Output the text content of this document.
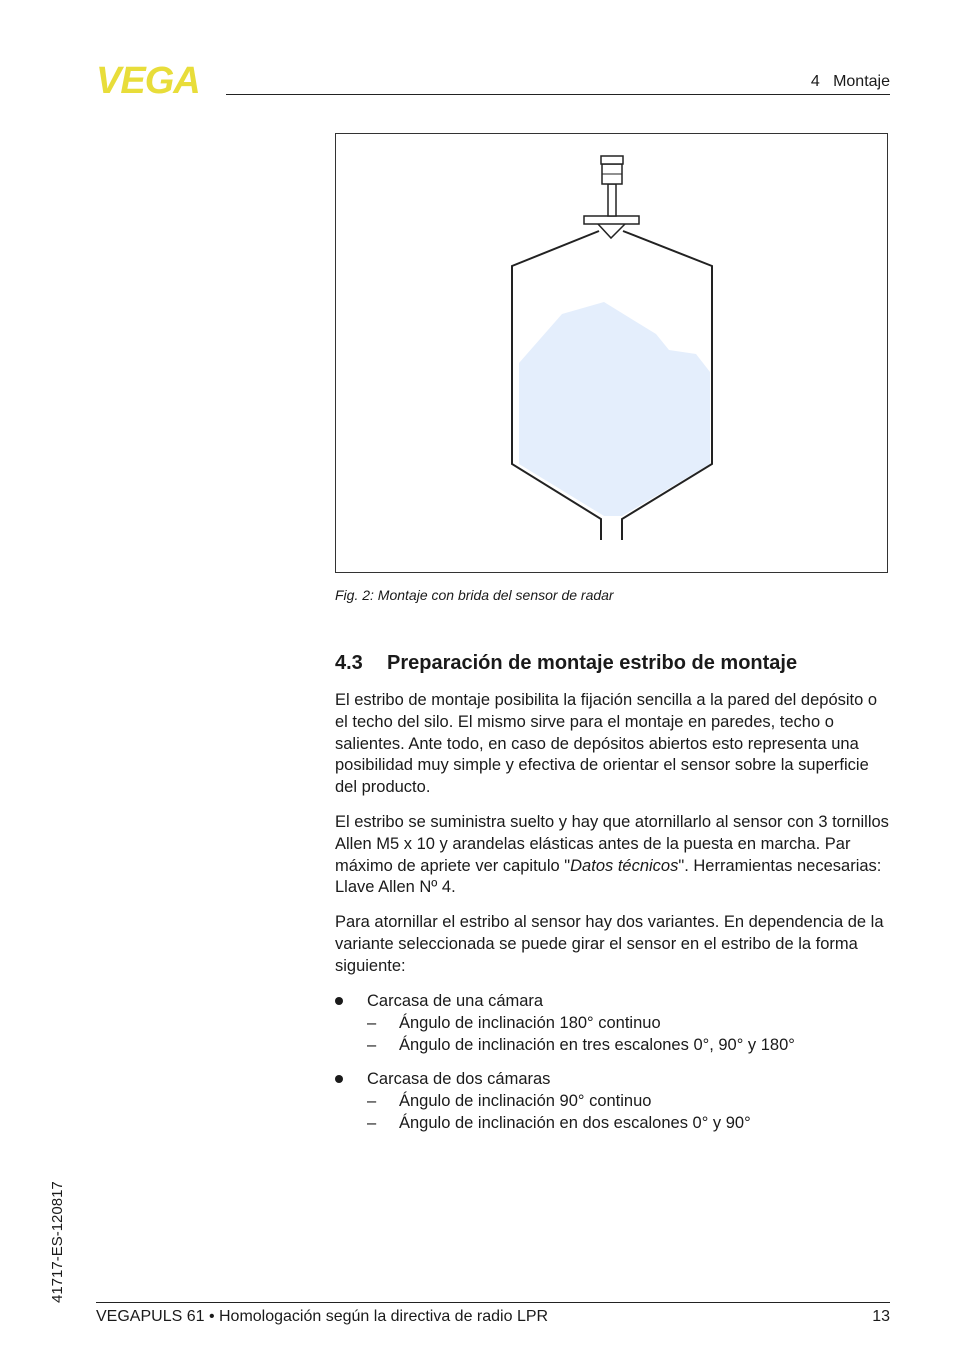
VEGA	4   Montaje
Fig. 2: Montaje con brida del sensor de radar
4.3 Preparación de montaje estribo de montaje

El estribo de montaje posibilita la fijación sencilla a la pared del depósito o el techo del silo. El mismo sirve para el montaje en paredes, techo o salientes. Ante todo, en caso de depósitos abiertos esto representa una posibilidad muy simple y efectiva de orientar el sensor sobre la superficie del producto.

El estribo se suministra suelto y hay que atornillarlo al sensor con 3 tornillos Allen M5 x 10 y arandelas elásticas antes de la puesta en marcha. Par máximo de apriete ver capitulo "Datos técnicos". Herramientas necesarias: Llave Allen Nº 4.

Para atornillar el estribo al sensor hay dos variantes. En dependencia de la variante seleccionada se puede girar el sensor en el estribo de la forma siguiente:

Carcasa de una cámara
– Ángulo de inclinación 180° continuo
– Ángulo de inclinación en tres escalones 0°, 90° y 180°
Carcasa de dos cámaras
– Ángulo de inclinación 90° continuo
– Ángulo de inclinación en dos escalones 0° y 90°
41717-ES-120817
VEGAPULS 61 • Homologación según la directiva de radio LPR	13
